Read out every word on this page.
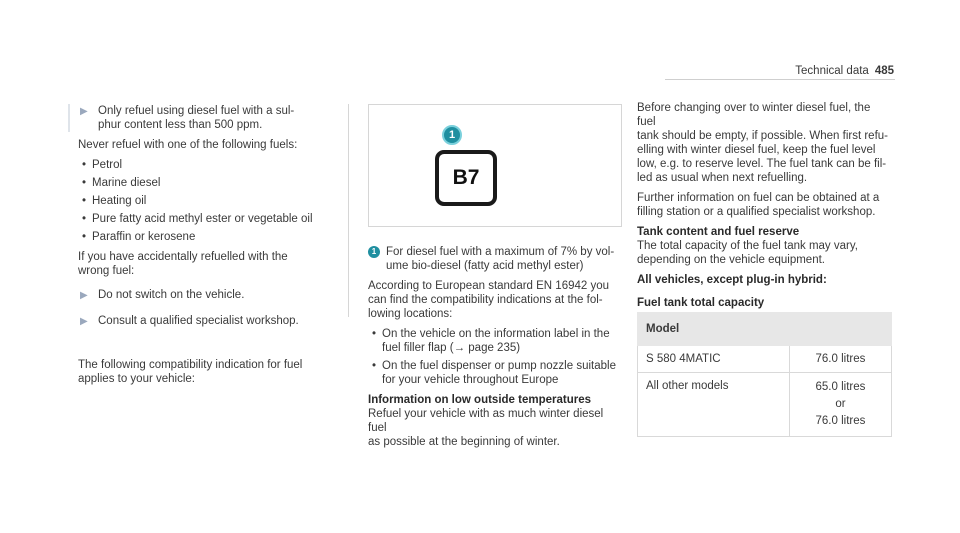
Technical data 485
▶ Only refuel using diesel fuel with a sul-
phur content less than 500 ppm.

Never refuel with one of the following fuels:

• Petrol
• Marine diesel
• Heating oil
• Pure fatty acid methyl ester or vegetable oil
• Paraffin or kerosene

If you have accidentally refuelled with the
wrong fuel:

▶ Do not switch on the vehicle.
▶ Consult a qualified specialist workshop.

The following compatibility indication for fuel
applies to your vehicle:

1
B7
1 For diesel fuel with a maximum of 7% by vol-
ume bio-diesel (fatty acid methyl ester)

According to European standard EN 16942 you
can find the compatibility indications at the fol-
lowing locations:

• On the vehicle on the information label in the
fuel filler flap (→ page 235)
• On the fuel dispenser or pump nozzle suitable
for your vehicle throughout Europe
Information on low outside temperatures

Refuel your vehicle with as much winter diesel fuel
as possible at the beginning of winter.

Before changing over to winter diesel fuel, the fuel
tank should be empty, if possible. When first refu-
elling with winter diesel fuel, keep the fuel level
low, e.g. to reserve level. The fuel tank can be fil-
led as usual when next refuelling.

Further information on fuel can be obtained at a
filling station or a qualified specialist workshop.

Tank content and fuel reserve

The total capacity of the fuel tank may vary,
depending on the vehicle equipment.

All vehicles, except plug-in hybrid:
Fuel tank total capacity
Model	
S 580 4MATIC	76.0 litres
All other models	65.0 litres
or
76.0 litres
